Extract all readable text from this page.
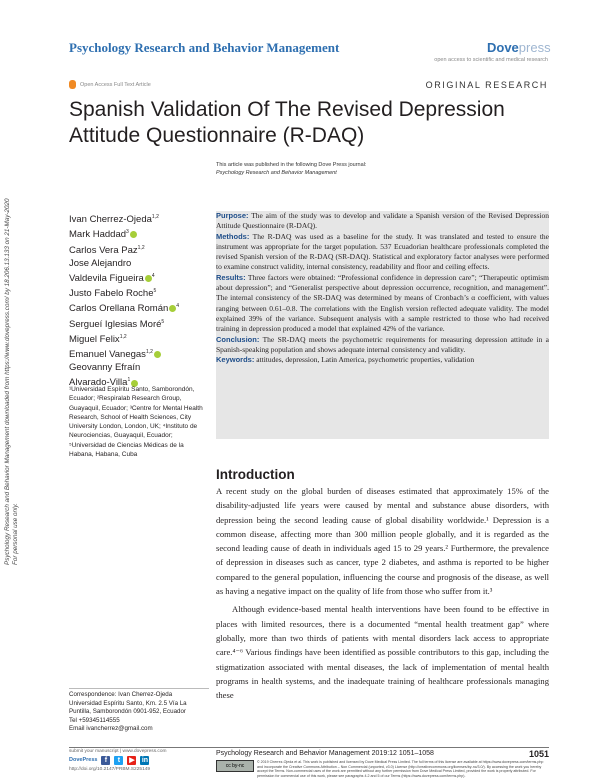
Psychology Research and Behavior Management	Dovepress
open access to scientific and medical research
Open Access Full Text Article	ORIGINAL RESEARCH
Spanish Validation Of The Revised Depression Attitude Questionnaire (R-DAQ)
This article was published in the following Dove Press journal:
Psychology Research and Behavior Management
Ivan Cherrez-Ojeda$^{1,2}$
Mark Haddad$^3$
Carlos Vera Paz$^{1,2}$
Jose Alejandro
Valdevila Figueira $^4$
Justo Fabelo Roche$^5$
Carlos Orellana Román $^4$
Sergueí Iglesias Moré$^5$
Miguel Felix$^{1,2}$
Emanuel Vanegas$^{1,2}$
Geovanny Efraín
Alvarado-Villa$^1$
¹Universidad Espíritu Santo, Samborondón, Ecuador; ²Respiralab Research Group, Guayaquil, Ecuador; ³Centre for Mental Health Research, School of Health Sciences, City University London, London, UK; ⁴Instituto de Neurociencias, Guayaquil, Ecuador; ⁵Universidad de Ciencias Médicas de la Habana, Habana, Cuba

Purpose: The aim of the study was to develop and validate a Spanish version of the Revised Depression Attitude Questionnaire (R-DAQ).

Methods: The R-DAQ was used as a baseline for the study. It was translated and tested to ensure the instrument was appropriate for the target population. 537 Ecuadorian healthcare professionals completed the revised Spanish version of the R-DAQ (SR-DAQ). Statistical and exploratory factor analyses were performed to examine construct validity, internal consistency, readability and floor and ceiling effects.

Results: Three factors were obtained: “Professional confidence in depression care”; “Therapeutic optimism about depression”; and “Generalist perspective about depression occurrence, recognition, and management”. The internal consistency of the SR-DAQ was determined by means of Cronbach’s α coefficient, with values ranging between 0.61–0.8. The correlations with the English version reflected adequate validity. The model explained 39% of the variance. Subsequent analysis with a sample restricted to those who had received training in depression produced a model that explained 42% of the variance.

Conclusion: The SR-DAQ meets the psychometric requirements for measuring depression attitude in a Spanish-speaking population and shows adequate internal consistency and validity.

Keywords: attitudes, depression, Latin America, psychometric properties, validation

Introduction

A recent study on the global burden of diseases estimated that approximately 15% of the disability-adjusted life years were caused by mental and substance abuse disorders, with depression being the second leading cause of global disability worldwide.¹ Depression is a common disease, affecting more than 300 million people globally, and it is regarded as the second leading cause of death in individuals aged 15 to 29 years.² Furthermore, the prevalence of depression in diseases such as cancer, type 2 diabetes, and asthma is reported to be higher compared to the general population, influencing the course and prognosis of the disease, as well as having a negative impact on the quality of life from those who suffer from it.³

Although evidence-based mental health interventions have been found to be effective in places with limited resources, there is a documented “mental health treatment gap” where globally, more than two thirds of patients with mental disorders lack access to appropriate care.⁴⁻⁶ Various findings have been identified as possible contributors to this gap, including the stigmatization associated with mental diseases, the lack of implementation of mental health programs in health systems, and the inadequate training of healthcare professionals managing these

Correspondence: Ivan Cherrez-Ojeda
Universidad Espíritu Santo, Km. 2.5 Vía La Puntilla, Samborondón 0901-952, Ecuador
Tel +59345114555
Email ivancherrez@gmail.com
Psychology Research and Behavior Management downloaded from https://www.dovepress.com/ by 18.206.13.133 on 21-May-2020 For personal use only.
submit your manuscript | www.dovepress.com
DovePress	f	t	▶ in
http://doi.org/10.2147/PRBM.S225149
Psychology Research and Behavior Management 2019:12 1051–1058	1051
cc by-nc
© 2019 Cherrez-Ojeda et al. This work is published and licensed by Dove Medical Press Limited. The full terms of this license are available at https://www.dovepress.com/terms.php and incorporate the Creative Commons Attribution – Non Commercial (unported, v3.0) License (http://creativecommons.org/licenses/by-nc/3.0/). By accessing the work you hereby accept the Terms. Non-commercial uses of the work are permitted without any further permission from Dove Medical Press Limited, provided the work is properly attributed. For permission for commercial use of this work, please see paragraphs 4.2 and 5 of our Terms (https://www.dovepress.com/terms.php).
